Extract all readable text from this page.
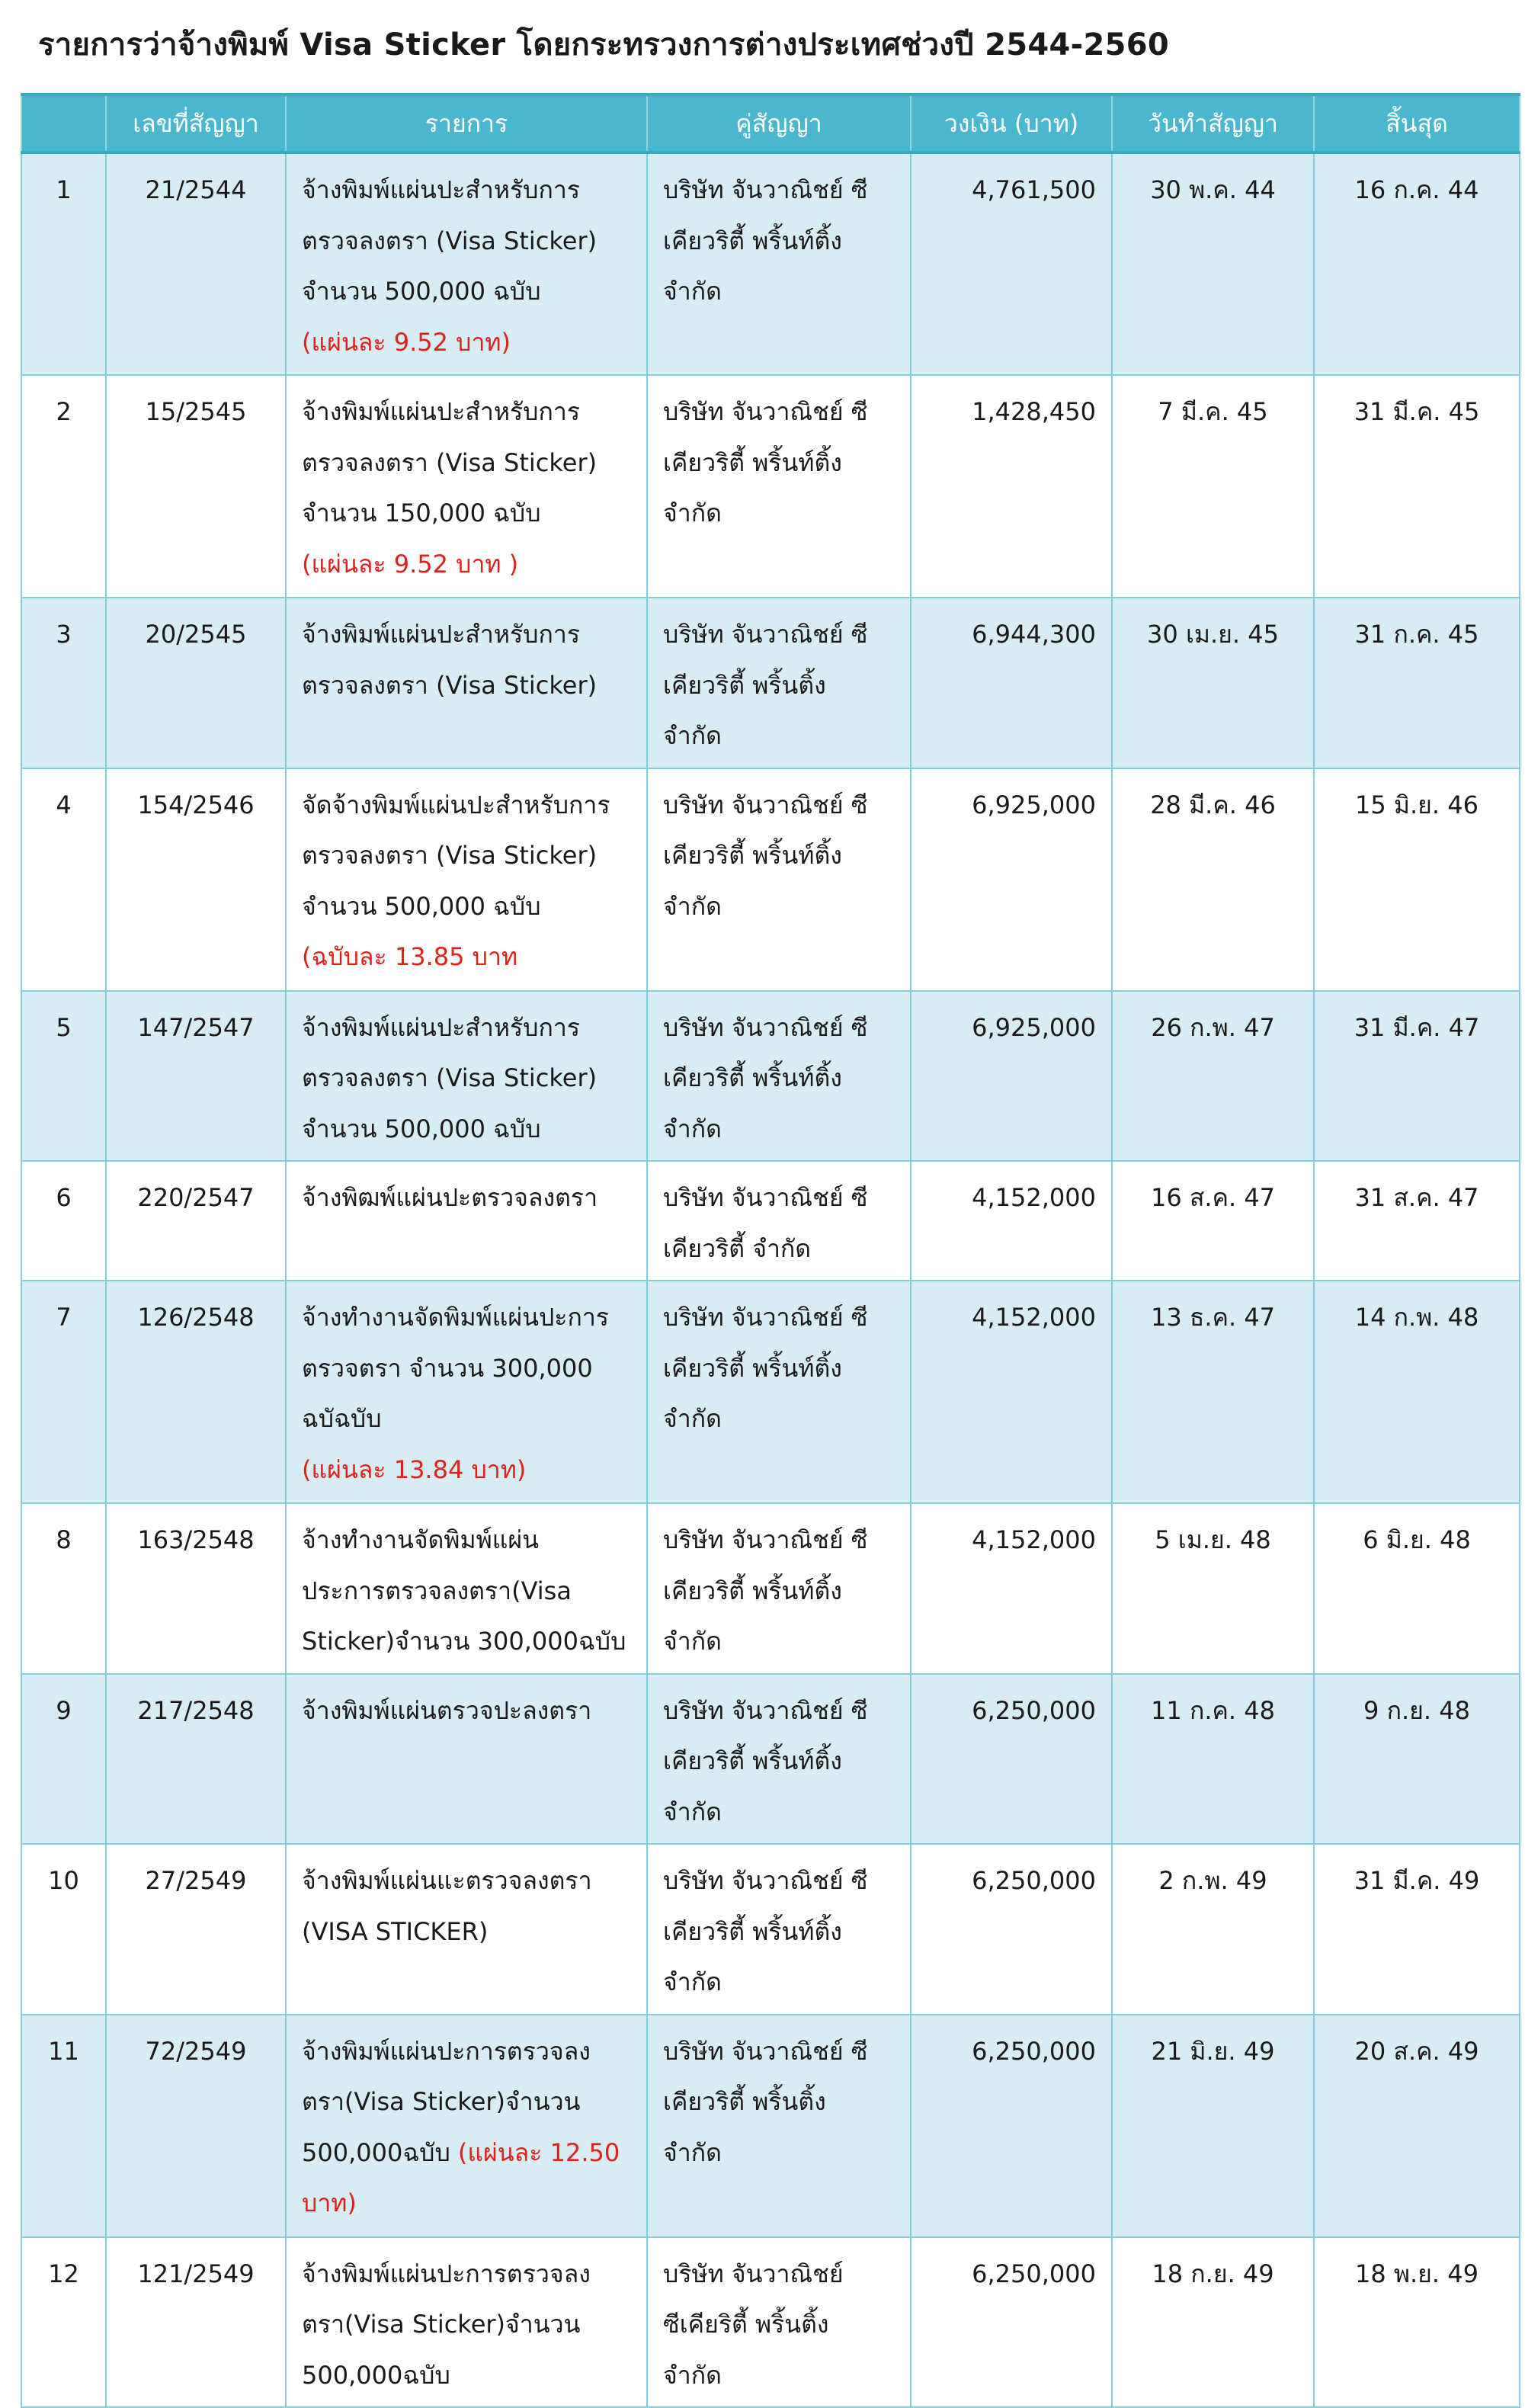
รายการว่าจ้างพิมพ์ Visa Sticker โดยกระทรวงการต่างประเทศช่วงปี 2544-2560
	เลขที่สัญญา	รายการ	คู่สัญญา	วงเงิน (บาท)	วันทำสัญญา	สิ้นสุด
1	21/2544	จ้างพิมพ์แผ่นปะสำหรับการ
ตรวจลงตรา (Visa Sticker)
จำนวน 500,000 ฉบับ
(แผ่นละ 9.52 บาท)	บริษัท จันวาณิชย์ ซี
เคียวริตี้ พริ้นท์ติ้ง
จำกัด	4,761,500	30 พ.ค. 44	16 ก.ค. 44
2	15/2545	จ้างพิมพ์แผ่นปะสำหรับการ
ตรวจลงตรา (Visa Sticker)
จำนวน 150,000 ฉบับ
(แผ่นละ 9.52 บาท )	บริษัท จันวาณิชย์ ซี
เคียวริตี้ พริ้นท์ติ้ง
จำกัด	1,428,450	7 มี.ค. 45	31 มี.ค. 45
3	20/2545	จ้างพิมพ์แผ่นปะสำหรับการ
ตรวจลงตรา (Visa Sticker)	บริษัท จันวาณิชย์ ซี
เคียวริตี้ พริ้นติ้ง
จำกัด	6,944,300	30 เม.ย. 45	31 ก.ค. 45
4	154/2546	จัดจ้างพิมพ์แผ่นปะสำหรับการ
ตรวจลงตรา (Visa Sticker)
จำนวน 500,000 ฉบับ
(ฉบับละ 13.85 บาท	บริษัท จันวาณิชย์ ซี
เคียวริตี้ พริ้นท์ติ้ง
จำกัด	6,925,000	28 มี.ค. 46	15 มิ.ย. 46
5	147/2547	จ้างพิมพ์แผ่นปะสำหรับการ
ตรวจลงตรา (Visa Sticker)
จำนวน 500,000 ฉบับ	บริษัท จันวาณิชย์ ซี
เคียวริตี้ พริ้นท์ติ้ง
จำกัด	6,925,000	26 ก.พ. 47	31 มี.ค. 47
6	220/2547	จ้างพิฒพ์แผ่นปะตรวจลงตรา	บริษัท จันวาณิชย์ ซี
เคียวริตี้ จำกัด	4,152,000	16 ส.ค. 47	31 ส.ค. 47
7	126/2548	จ้างทำงานจัดพิมพ์แผ่นปะการ
ตรวจตรา จำนวน 300,000
ฉบัฉบับ
(แผ่นละ 13.84 บาท)	บริษัท จันวาณิชย์ ซี
เคียวริตี้ พริ้นท์ติ้ง
จำกัด	4,152,000	13 ธ.ค. 47	14 ก.พ. 48
8	163/2548	จ้างทำงานจัดพิมพ์แผ่น
ประการตรวจลงตรา(Visa
Sticker)จำนวน 300,000ฉบับ	บริษัท จันวาณิชย์ ซี
เคียวริตี้ พริ้นท์ติ้ง
จำกัด	4,152,000	5 เม.ย. 48	6 มิ.ย. 48
9	217/2548	จ้างพิมพ์แผ่นตรวจปะลงตรา	บริษัท จันวาณิชย์ ซี
เคียวริตี้ พริ้นท์ติ้ง
จำกัด	6,250,000	11 ก.ค. 48	9 ก.ย. 48
10	27/2549	จ้างพิมพ์แผ่นแะตรวจลงตรา
(VISA STICKER)	บริษัท จันวาณิชย์ ซี
เคียวริตี้ พริ้นท์ติ้ง
จำกัด	6,250,000	2 ก.พ. 49	31 มี.ค. 49
11	72/2549	จ้างพิมพ์แผ่นปะการตรวจลง
ตรา(Visa Sticker)จำนวน
500,000ฉบับ (แผ่นละ 12.50
บาท)	บริษัท จันวาณิชย์ ซี
เคียวริตี้ พริ้นติ้ง
จำกัด	6,250,000	21 มิ.ย. 49	20 ส.ค. 49
12	121/2549	จ้างพิมพ์แผ่นปะการตรวจลง
ตรา(Visa Sticker)จำนวน
500,000ฉบับ	บริษัท จันวาณิชย์
ซีเคียริตี้ พริ้นติ้ง
จำกัด	6,250,000	18 ก.ย. 49	18 พ.ย. 49
